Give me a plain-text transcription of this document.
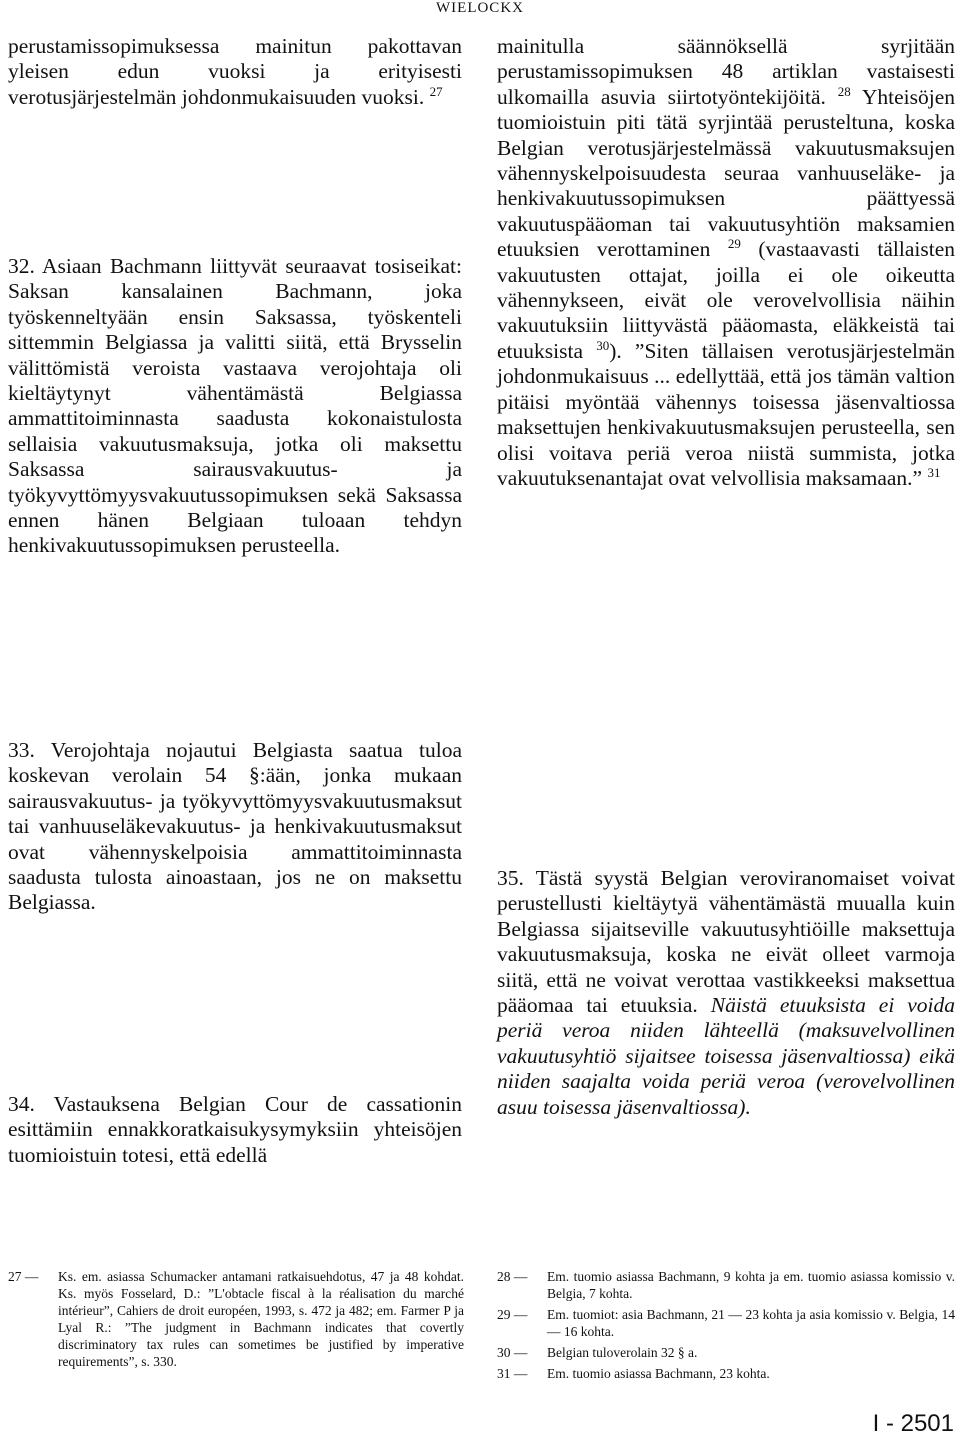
WIELOCKX

perustamissopimuksessa mainitun pakottavan yleisen edun vuoksi ja erityisesti verotusjärjestelmän johdonmukaisuuden vuoksi. $^{27}$

32. Asiaan Bachmann liittyvät seuraavat tosiseikat: Saksan kansalainen Bachmann, joka työskenneltyään ensin Saksassa, työskenteli sittemmin Belgiassa ja valitti siitä, että Brysselin välittömistä veroista vastaava verojohtaja oli kieltäytynyt vähentämästä Belgiassa ammattitoiminnasta saadusta kokonaistulosta sellaisia vakuutusmaksuja, jotka oli maksettu Saksassa sairausvakuutus- ja työkyvyttömyysvakuutussopimuksen sekä Saksassa ennen hänen Belgiaan tuloaan tehdyn henkivakuutussopimuksen perusteella.

33. Verojohtaja nojautui Belgiasta saatua tuloa koskevan verolain 54 §:ään, jonka mukaan sairausvakuutus- ja työkyvyttömyysvakuutusmaksut tai vanhuuseläkevakuutus- ja henkivakuutusmaksut ovat vähennyskelpoisia ammattitoiminnasta saadusta tulosta ainoastaan, jos ne on maksettu Belgiassa.

34. Vastauksena Belgian Cour de cassationin esittämiin ennakkoratkaisukysymyksiin yhteisöjen tuomioistuin totesi, että edellä

mainitulla säännöksellä syrjitään perustamissopimuksen 48 artiklan vastaisesti ulkomailla asuvia siirtotyöntekijöitä. $^{28}$ Yhteisöjen tuomioistuin piti tätä syrjintää perusteltuna, koska Belgian verotusjärjestelmässä vakuutusmaksujen vähennyskelpoisuudesta seuraa vanhuuseläke- ja henkivakuutussopimuksen päättyessä vakuutuspääoman tai vakuutusyhtiön maksamien etuuksien verottaminen $^{29}$ (vastaavasti tällaisten vakuutusten ottajat, joilla ei ole oikeutta vähennykseen, eivät ole verovelvollisia näihin vakuutuksiin liittyvästä pääomasta, eläkkeistä tai etuuksista $^{30}$). ”Siten tällaisen verotusjärjestelmän johdonmukaisuus ... edellyttää, että jos tämän valtion pitäisi myöntää vähennys toisessa jäsenvaltiossa maksettujen henkivakuutusmaksujen perusteella, sen olisi voitava periä veroa niistä summista, jotka vakuutuksenantajat ovat velvollisia maksamaan.” $^{31}$

35. Tästä syystä Belgian veroviranomaiset voivat perustellusti kieltäytyä vähentämästä muualla kuin Belgiassa sijaitseville vakuutusyhtiöille maksettuja vakuutusmaksuja, koska ne eivät olleet varmoja siitä, että ne voivat verottaa vastikkeeksi maksettua pääomaa tai etuuksia. Näistä etuuksista ei voida periä veroa niiden lähteellä (maksuvelvollinen vakuutusyhtiö sijaitsee toisessa jäsenvaltiossa) eikä niiden saajalta voida periä veroa (verovelvollinen asuu toisessa jäsenvaltiossa).

27 —	Ks. em. asiassa Schumacker antamani ratkaisuehdotus, 47 ja 48 kohdat. Ks. myös Fosselard, D.: ”L'obtacle fiscal à la réalisation du marché intérieur”, Cahiers de droit européen, 1993, s. 472 ja 482; em. Farmer P ja Lyal R.: ”The judgment in Bachmann indicates that covertly discriminatory tax rules can sometimes be justified by imperative requirements”, s. 330.
28 —	Em. tuomio asiassa Bachmann, 9 kohta ja em. tuomio asiassa komissio v. Belgia, 7 kohta.
29 —	Em. tuomiot: asia Bachmann, 21 — 23 kohta ja asia komissio v. Belgia, 14 — 16 kohta.
30 —	Belgian tuloverolain 32 § a.
31 —	Em. tuomio asiassa Bachmann, 23 kohta.
I - 2501
